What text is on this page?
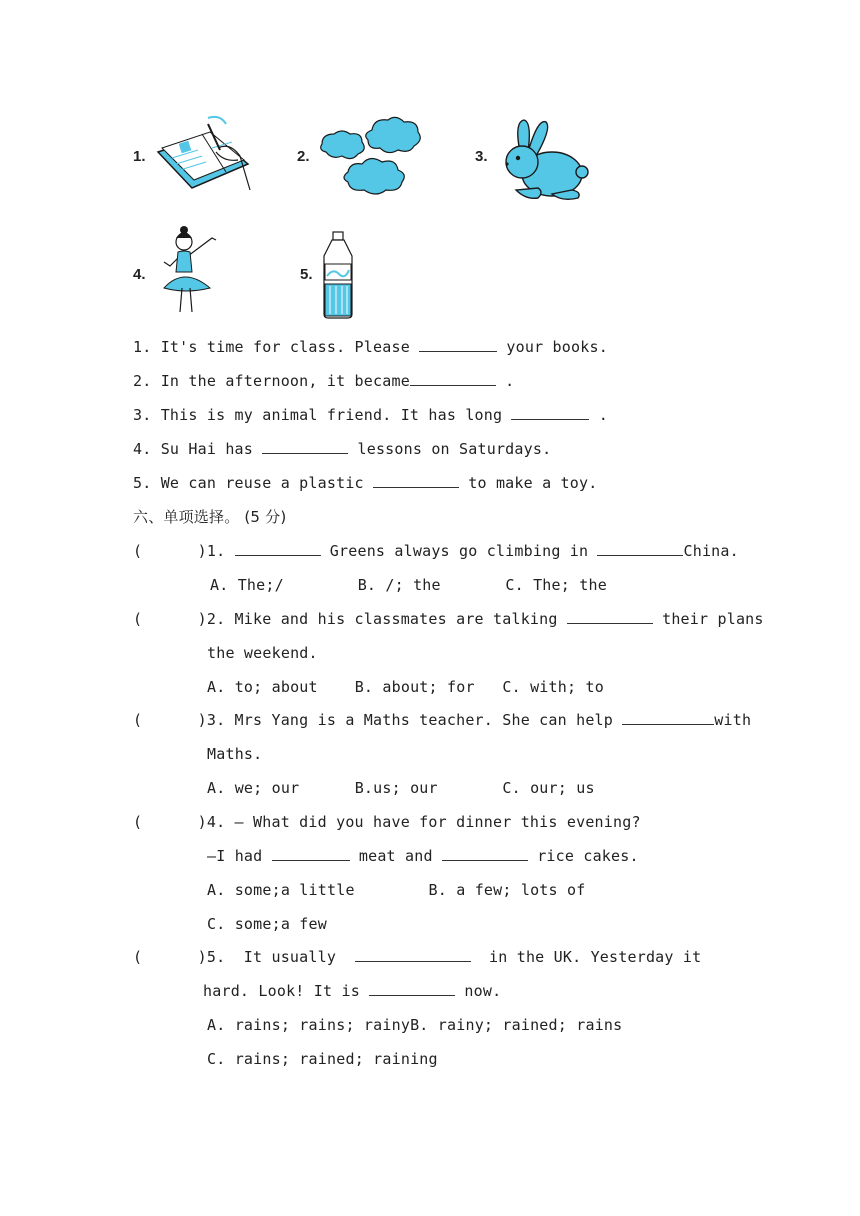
1.	2.	3.
4.	5.
1. It's time for class. Please	your books.
2. In the afternoon, it became	.
3. This is my animal friend. It has long	.
4. Su Hai has	lessons on Saturdays.
5. We can reuse a plastic	to make a toy.
六、单项选择。 (5 分)
(      )1.	Greens always go climbing in	China.
A. The;/        B. /; the       C. The; the
(      )2. Mike and his classmates are talking	their plans
the weekend.
A. to; about    B. about; for   C. with; to
(      )3. Mrs Yang is a Maths teacher. She can help	with
Maths.
A. we; our      B.us; our       C. our; us
(      )4. — What did you have for dinner this evening?
—I had	meat and	rice cakes.
A. some;a little        B. a few; lots of
C. some;a few
(      )5. It usually	in the UK. Yesterday it
hard. Look! It is	now.
A. rains; rains; rainyB. rainy; rained; rains
C. rains; rained; raining
